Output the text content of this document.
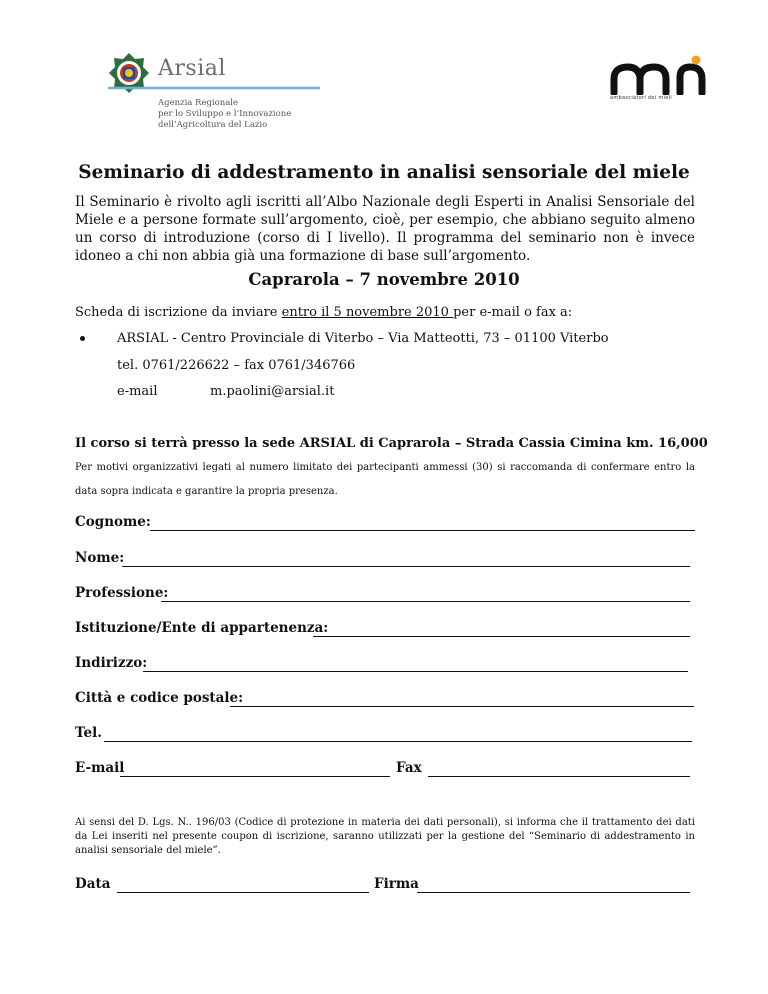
Arsial
Agenzia Regionale
per lo Sviluppo e l’Innovazione
dell’Agricoltura del Lazio
ambasciatori dei mieli
Seminario di addestramento in analisi sensoriale del miele
Il Seminario è rivolto agli iscritti all’Albo Nazionale degli Esperti in Analisi Sensoriale del Miele e a persone formate sull’argomento, cioè, per esempio, che abbiano seguito almeno un corso di introduzione (corso di I livello). Il programma del seminario non è invece idoneo a chi non abbia già una formazione di base sull’argomento.
Caprarola – 7 novembre 2010
Scheda di iscrizione da inviare entro il 5 novembre 2010 per e-mail o fax a:
ARSIAL - Centro Provinciale di Viterbo – Via Matteotti, 73 – 01100 Viterbo
tel. 0761/226622 – fax 0761/346766
e-mail	m.paolini@arsial.it
Il corso si terrà presso la sede ARSIAL di Caprarola – Strada Cassia Cimina km. 16,000
Per motivi organizzativi legati al numero limitato dei partecipanti ammessi (30) si raccomanda di confermare entro la data sopra indicata e garantire la propria presenza.
Cognome:
Nome:
Professione:
Istituzione/Ente di appartenenza:
Indirizzo:
Città e codice postale:
Tel.
E-mail	Fax
Ai sensi del D. Lgs. N.. 196/03 (Codice di protezione in materia dei dati personali), si informa che il trattamento dei dati da Lei inseriti nel presente coupon di iscrizione, saranno utilizzati per la gestione del “Seminario di addestramento in analisi sensoriale del miele”.
Data	Firma
